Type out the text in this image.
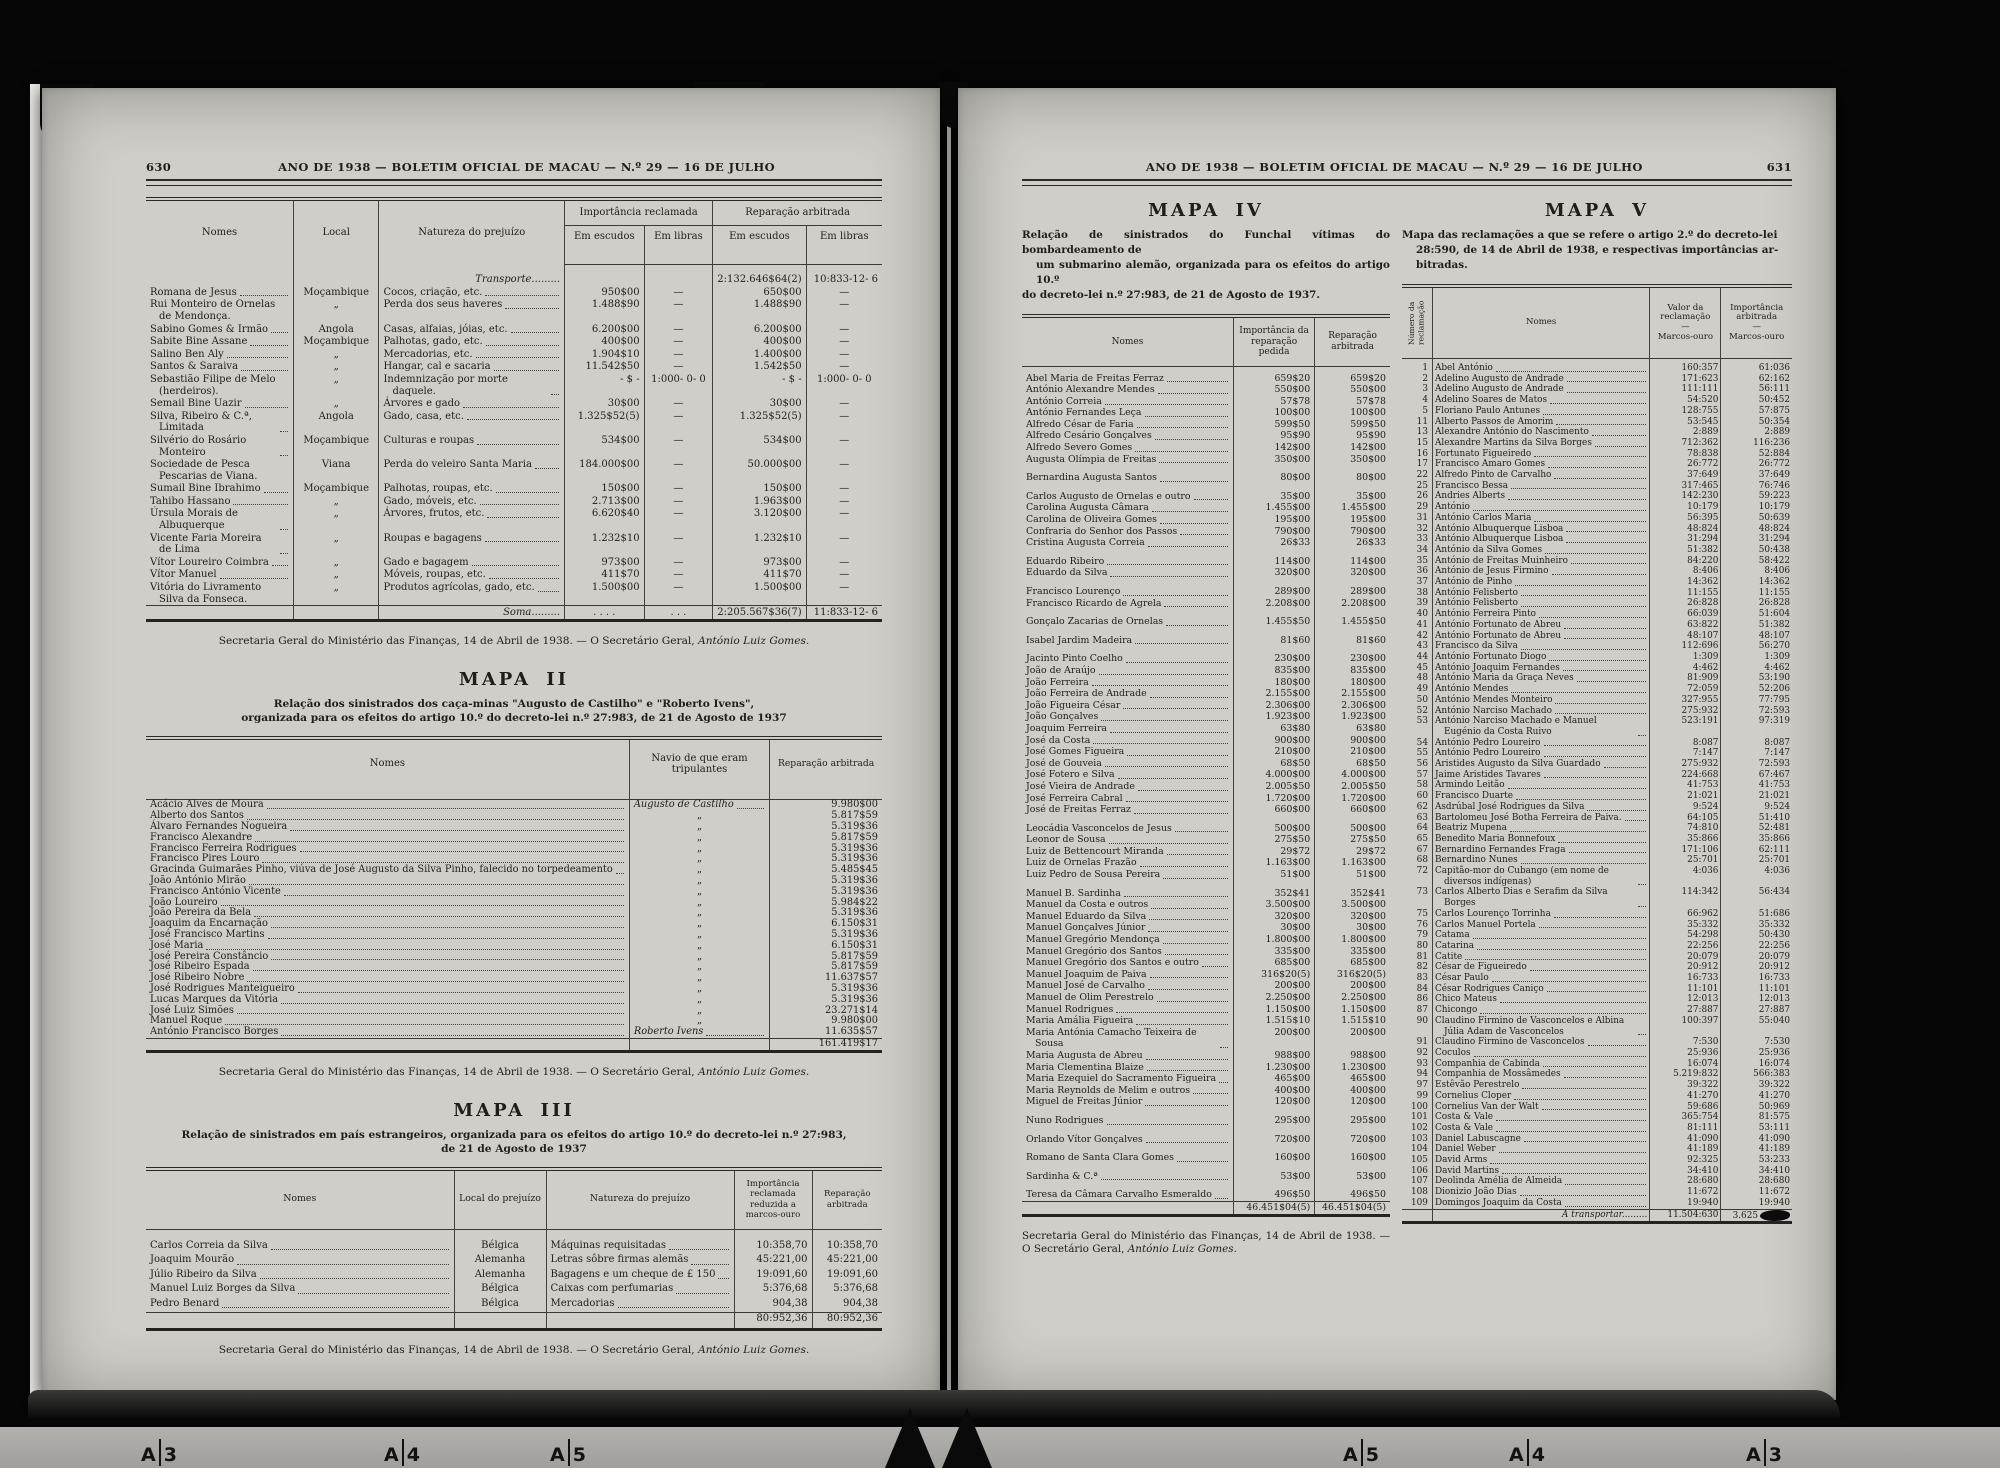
630	ANO DE 1938 — BOLETIM OFICIAL DE MACAU — N.º 29 — 16 DE JULHO
Nomes	Local	Natureza do prejuízo	Importância reclamada		Reparação arbitrada	
			Em escudos	Em libras	Em escudos	Em libras
		Transporte.........			2:132.646$64(2)	10:833-12- 6

Romana de Jesus	Moçambique	Cocos, criação, etc.	950$00	—	650$00	—

Rui Monteiro de Ornelas de Mendonça.	„	Perda dos seus haveres	1.488$90	—	1.488$90	—

Sabino Gomes & Irmão	Angola	Casas, alfaias, jóias, etc.	6.200$00	—	6.200$00	—

Sabite Bine Assane	Moçambique	Palhotas, gado, etc.	400$00	—	400$00	—

Salino Ben Aly	„	Mercadorias, etc.	1.904$10	—	1.400$00	—

Santos & Saraiva	„	Hangar, cal e sacaria	11.542$50	—	1.542$50	—

Sebastião Filipe de Melo (herdeiros).	„	Indemnização por morte daquele.	- $ -	1:000- 0- 0	- $ -	1:000- 0- 0

Semail Bine Uazir	„	Árvores e gado	30$00	—	30$00	—

Silva, Ribeiro & C.ª, Limitada	Angola	Gado, casa, etc.	1.325$52(5)	—	1.325$52(5)	—

Silvério do Rosário Monteiro	Moçambique	Culturas e roupas	534$00	—	534$00	—

Sociedade de Pesca Pescarias de Viana.	Viana	Perda do veleiro Santa Maria	184.000$00	—	50.000$00	—

Sumail Bine Ibrahimo	Moçambique	Palhotas, roupas, etc.	150$00	—	150$00	—

Tahibo Hassano	„	Gado, móveis, etc.	2.713$00	—	1.963$00	—

Úrsula Morais de Albuquerque	„	Árvores, frutos, etc.	6.620$40	—	3.120$00	—

Vicente Faria Moreira de Lima	„	Roupas e bagagens	1.232$10	—	1.232$10	—

Vítor Loureiro Coimbra	„	Gado e bagagem	973$00	—	973$00	—

Vítor Manuel	„	Móveis, roupas, etc.	411$70	—	411$70	—

Vitória do Livramento Silva da Fonseca.	„	Produtos agrícolas, gado, etc.	1.500$00	—	1.500$00	—
		Soma.........	. . . .	. . .	2:205.567$36(7)	11:833-12- 6
Secretaria Geral do Ministério das Finanças, 14 de Abril de 1938. — O Secretário Geral, António Luiz Gomes.
MAPA II
Relação dos sinistrados dos caça-minas "Augusto de Castilho" e "Roberto Ivens",
organizada para os efeitos do artigo 10.º do decreto-lei n.º 27:983, de 21 de Agosto de 1937
Nomes	Navio de que eram tripulantes	Reparação arbitrada

Acácio Alves de Moura	Augusto de Castilho	9.980$00

Alberto dos Santos	„	5.817$59

Álvaro Fernandes Nogueira	„	5.319$36

Francisco Alexandre	„	5.817$59

Francisco Ferreira Rodrigues	„	5.319$36

Francisco Pires Louro	„	5.319$36

Gracinda Guimarães Pinho, viúva de José Augusto da Silva Pinho, falecido no torpedeamento	„	5.485$45

João António Mirão	„	5.319$36

Francisco António Vicente	„	5.319$36

João Loureiro	„	5.984$22

João Pereira da Bela	„	5.319$36

Joaquim da Encarnação	„	6.150$31

José Francisco Martins	„	5.319$36

José Maria	„	6.150$31

José Pereira Constâncio	„	5.817$59

José Ribeiro Espada	„	5.817$59

José Ribeiro Nobre	„	11.637$57

José Rodrigues Manteigueiro	„	5.319$36

Lucas Marques da Vitória	„	5.319$36

José Luiz Simões	„	23.271$14

Manuel Roque	„	9.980$00

António Francisco Borges	Roberto Ivens	11.635$57
		161.419$17
Secretaria Geral do Ministério das Finanças, 14 de Abril de 1938. — O Secretário Geral, António Luiz Gomes.
MAPA III
Relação de sinistrados em país estrangeiros, organizada para os efeitos do artigo 10.º do decreto-lei n.º 27:983,
de 21 de Agosto de 1937
Nomes	Local do prejuízo	Natureza do prejuízo	Importância reclamada reduzida a marcos-ouro	Reparação arbitrada

Carlos Correia da Silva	Bélgica	Máquinas requisitadas	10:358,70	10:358,70

Joaquim Mourão	Alemanha	Letras sôbre firmas alemãs	45:221,00	45:221,00

Júlio Ribeiro da Silva	Alemanha	Bagagens e um cheque de £ 150	19:091,60	19:091,60

Manuel Luiz Borges da Silva	Bélgica	Caixas com perfumarias	5:376,68	5:376,68

Pedro Benard	Bélgica	Mercadorias	904,38	904,38
			80:952,36	80:952,36
Secretaria Geral do Ministério das Finanças, 14 de Abril de 1938. — O Secretário Geral, António Luiz Gomes.
ANO DE 1938 — BOLETIM OFICIAL DE MACAU — N.º 29 — 16 DE JULHO	631
MAPA IV
Relação de sinistrados do Funchal vítimas do bombardeamento de
um submarino alemão, organizada para os efeitos do artigo 10.º
do decreto-lei n.º 27:983, de 21 de Agosto de 1937.
Nomes	Importância da reparação pedida	Reparação arbitrada

Abel Maria de Freitas Ferraz	659$20	659$20

António Alexandre Mendes	550$00	550$00

António Correia	57$78	57$78

António Fernandes Leça	100$00	100$00

Alfredo César de Faria	599$50	599$50

Alfredo Cesário Gonçalves	95$90	95$90

Alfredo Severo Gomes	142$00	142$00

Augusta Olímpia de Freitas	350$00	350$00

Bernardina Augusta Santos	80$00	80$00

Carlos Augusto de Ornelas e outro	35$00	35$00

Carolina Augusta Câmara	1.455$00	1.455$00

Carolina de Oliveira Gomes	195$00	195$00

Confraria do Senhor dos Passos	790$00	790$00

Cristina Augusta Correia	26$33	26$33

Eduardo Ribeiro	114$00	114$00

Eduardo da Silva	320$00	320$00

Francisco Lourenço	289$00	289$00

Francisco Ricardo de Agrela	2.208$00	2.208$00

Gonçalo Zacarias de Ornelas	1.455$50	1.455$50

Isabel Jardim Madeira	81$60	81$60

Jacinto Pinto Coelho	230$00	230$00

João de Araújo	835$00	835$00

João Ferreira	180$00	180$00

João Ferreira de Andrade	2.155$00	2.155$00

João Figueira César	2.306$00	2.306$00

João Gonçalves	1.923$00	1.923$00

Joaquim Ferreira	63$80	63$80

José da Costa	900$00	900$00

José Gomes Figueira	210$00	210$00

José de Gouveia	68$50	68$50

José Fotero e Silva	4.000$00	4.000$00

José Vieira de Andrade	2.005$50	2.005$50

José Ferreira Cabral	1.720$00	1.720$00

José de Freitas Ferraz	660$00	660$00

Leocádia Vasconcelos de Jesus	500$00	500$00

Leonor de Sousa	275$50	275$50

Luiz de Bettencourt Miranda	29$72	29$72

Luiz de Ornelas Frazão	1.163$00	1.163$00

Luiz Pedro de Sousa Pereira	51$00	51$00

Manuel B. Sardinha	352$41	352$41

Manuel da Costa e outros	3.500$00	3.500$00

Manuel Eduardo da Silva	320$00	320$00

Manuel Gonçalves Júnior	30$00	30$00

Manuel Gregório Mendonça	1.800$00	1.800$00

Manuel Gregório dos Santos	335$00	335$00

Manuel Gregório dos Santos e outro	685$00	685$00

Manuel Joaquim de Paiva	316$20(5)	316$20(5)

Manuel José de Carvalho	200$00	200$00

Manuel de Olim Perestrelo	2.250$00	2.250$00

Manuel Rodrigues	1.150$00	1.150$00

Maria Amália Figueira	1.515$10	1.515$10

Maria Antónia Camacho Teixeira de Sousa	200$00	200$00

Maria Augusta de Abreu	988$00	988$00

Maria Clementina Blaize	1.230$00	1.230$00

Maria Ezequiel do Sacramento Figueira	465$00	465$00

Maria Reynolds de Melim e outros	400$00	400$00

Miguel de Freitas Júnior	120$00	120$00

Nuno Rodrigues	295$00	295$00

Orlando Vítor Gonçalves	720$00	720$00

Romano de Santa Clara Gomes	160$00	160$00

Sardinha & C.ª	53$00	53$00

Teresa da Câmara Carvalho Esmeraldo	496$50	496$50
	46.451$04(5)	46.451$04(5)
Secretaria Geral do Ministério das Finanças, 14 de Abril de 1938. — O Secretário Geral, António Luiz Gomes.
MAPA V
Mapa das reclamações a que se refere o artigo 2.º do decreto-lei
28:590, de 14 de Abril de 1938, e respectivas importâncias ar-
bitradas.
Número da reclamação	Nomes	
Valor da reclamação
—
Marcos-ouro

Importância arbitrada
—
Marcos-ouro

1	Abel António	160:357	61:036
2	Adelino Augusto de Andrade	171:623	62:162
3	Adelino Augusto de Andrade	111:111	56:111
4	Adelino Soares de Matos	54:520	50:452
5	Floriano Paulo Antunes	128:755	57:875
11	Alberto Passos de Amorim	53:545	50:354
13	Alexandre António do Nascimento	2:889	2:889
15	Alexandre Martins da Silva Borges	712:362	116:236
16	Fortunato Figueiredo	78:838	52:884
17	Francisco Amaro Gomes	26:772	26:772
22	Alfredo Pinto de Carvalho	37:649	37:649
25	Francisco Bessa	317:465	76:746
26	Andries Alberts	142:230	59:223
29	António	10:179	10:179
31	António Carlos Maria	56:395	50:639
32	António Albuquerque Lisboa	48:824	48:824
33	António Albuquerque Lisboa	31:294	31:294
34	António da Silva Gomes	51:382	50:438
35	António de Freitas Muinheiro	84:220	58:422
36	António de Jesus Firmino	8:406	8:406
37	António de Pinho	14:362	14:362
38	António Felisberto	11:155	11:155
39	António Felisberto	26:828	26:828
40	António Ferreira Pinto	66:039	51:604
41	António Fortunato de Abreu	63:822	51:382
42	António Fortunato de Abreu	48:107	48:107
43	Francisco da Silva	112:696	56:270
44	António Fortunato Diogo	1:309	1:309
45	António Joaquim Fernandes	4:462	4:462
48	António Maria da Graça Neves	81:909	53:190
49	António Mendes	72:059	52:206
50	António Mendes Monteiro	327:955	77:795
52	António Narciso Machado	275:932	72:593
53	António Narciso Machado e Manuel Eugénio da Costa Ruivo	523:191	97:319
54	António Pedro Loureiro	8:087	8:087
55	António Pedro Loureiro	7:147	7:147
56	Aristides Augusto da Silva Guardado	275:932	72:593
57	Jaime Aristides Tavares	224:668	67:467
58	Armindo Leitão	41:753	41:753
60	Francisco Duarte	21:021	21:021
62	Asdrúbal José Rodrigues da Silva	9:524	9:524
63	Bartolomeu José Botha Ferreira de Paiva.	64:105	51:410
64	Beatriz Mupena	74:810	52:481
65	Benedito Maria Bonnefoux	35:866	35:866
67	Bernardino Fernandes Fraga	171:106	62:111
68	Bernardino Nunes	25:701	25:701
72	Capitão-mor do Cubango (em nome de diversos indígenas)	4:036	4:036
73	Carlos Alberto Dias e Serafim da Silva Borges	114:342	56:434
75	Carlos Lourenço Torrinha	66:962	51:686
76	Carlos Manuel Portela	35:332	35:332
79	Catama	54:298	50:430
80	Catarina	22:256	22:256
81	Catite	20:079	20:079
82	César de Figueiredo	20:912	20:912
83	César Paulo	16:733	16:733
84	César Rodrigues Caniço	11:101	11:101
86	Chico Mateus	12:013	12:013
87	Chicongo	27:887	27:887
90	Claudino Firmino de Vasconcelos e Albina Júlia Adam de Vasconcelos	100:397	55:040
91	Claudino Firmino de Vasconcelos	7:530	7:530
92	Coculos	25:936	25:936
93	Companhia de Cabinda	16:074	16:074
94	Companhia de Mossâmedes	5.219:832	566:383
97	Estêvão Perestrelo	39:322	39:322
99	Cornelius Cloper	41:270	41:270
100	Cornelius Van der Walt	59:686	50:969
101	Costa & Vale	365:754	81:575
102	Costa & Vale	81:111	53:111
103	Daniel Labuscagne	41:090	41:090
104	Daniel Weber	41:189	41:189
105	David Arms	92:325	53:233
106	David Martins	34:410	34:410
107	Deolinda Amélia de Almeida	28:680	28:680
108	Dionizio João Dias	11:672	11:672
109	Domingos Joaquim da Costa	19:940	19:940
	A transportar.........	11.504:630	3.625
A 3	A 4	A 5	A 5	A 4	A 3
